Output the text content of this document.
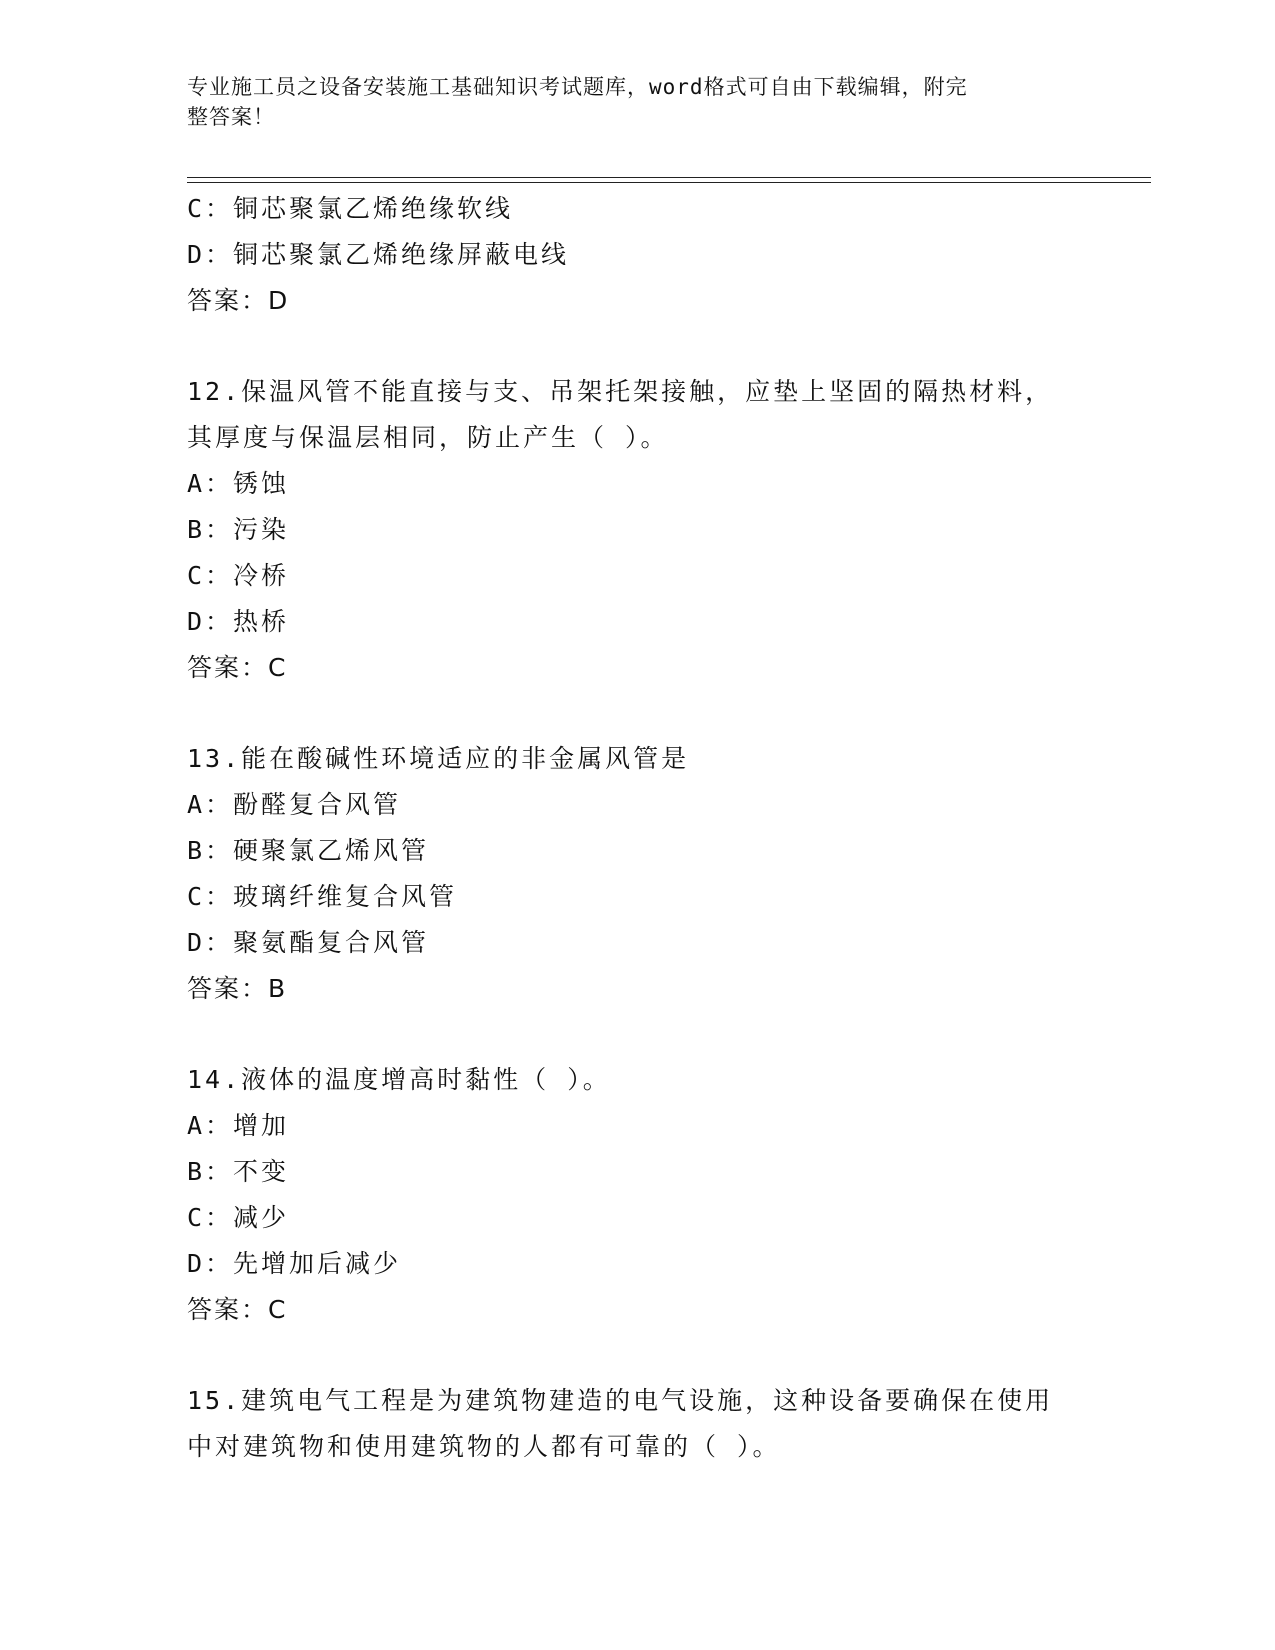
专业施工员之设备安装施工基础知识考试题库，word格式可自由下载编辑，附完
整答案！
C：铜芯聚氯乙烯绝缘软线
D：铜芯聚氯乙烯绝缘屏蔽电线
答案：D
12.保温风管不能直接与支、吊架托架接触，应垫上坚固的隔热材料，
其厚度与保温层相同，防止产生（ ）。
A：锈蚀
B：污染
C：冷桥
D：热桥
答案：C
13.能在酸碱性环境适应的非金属风管是
A：酚醛复合风管
B：硬聚氯乙烯风管
C：玻璃纤维复合风管
D：聚氨酯复合风管
答案：B
14.液体的温度增高时黏性（ ）。
A：增加
B：不变
C：减少
D：先增加后减少
答案：C
15.建筑电气工程是为建筑物建造的电气设施，这种设备要确保在使用
中对建筑物和使用建筑物的人都有可靠的（ ）。
